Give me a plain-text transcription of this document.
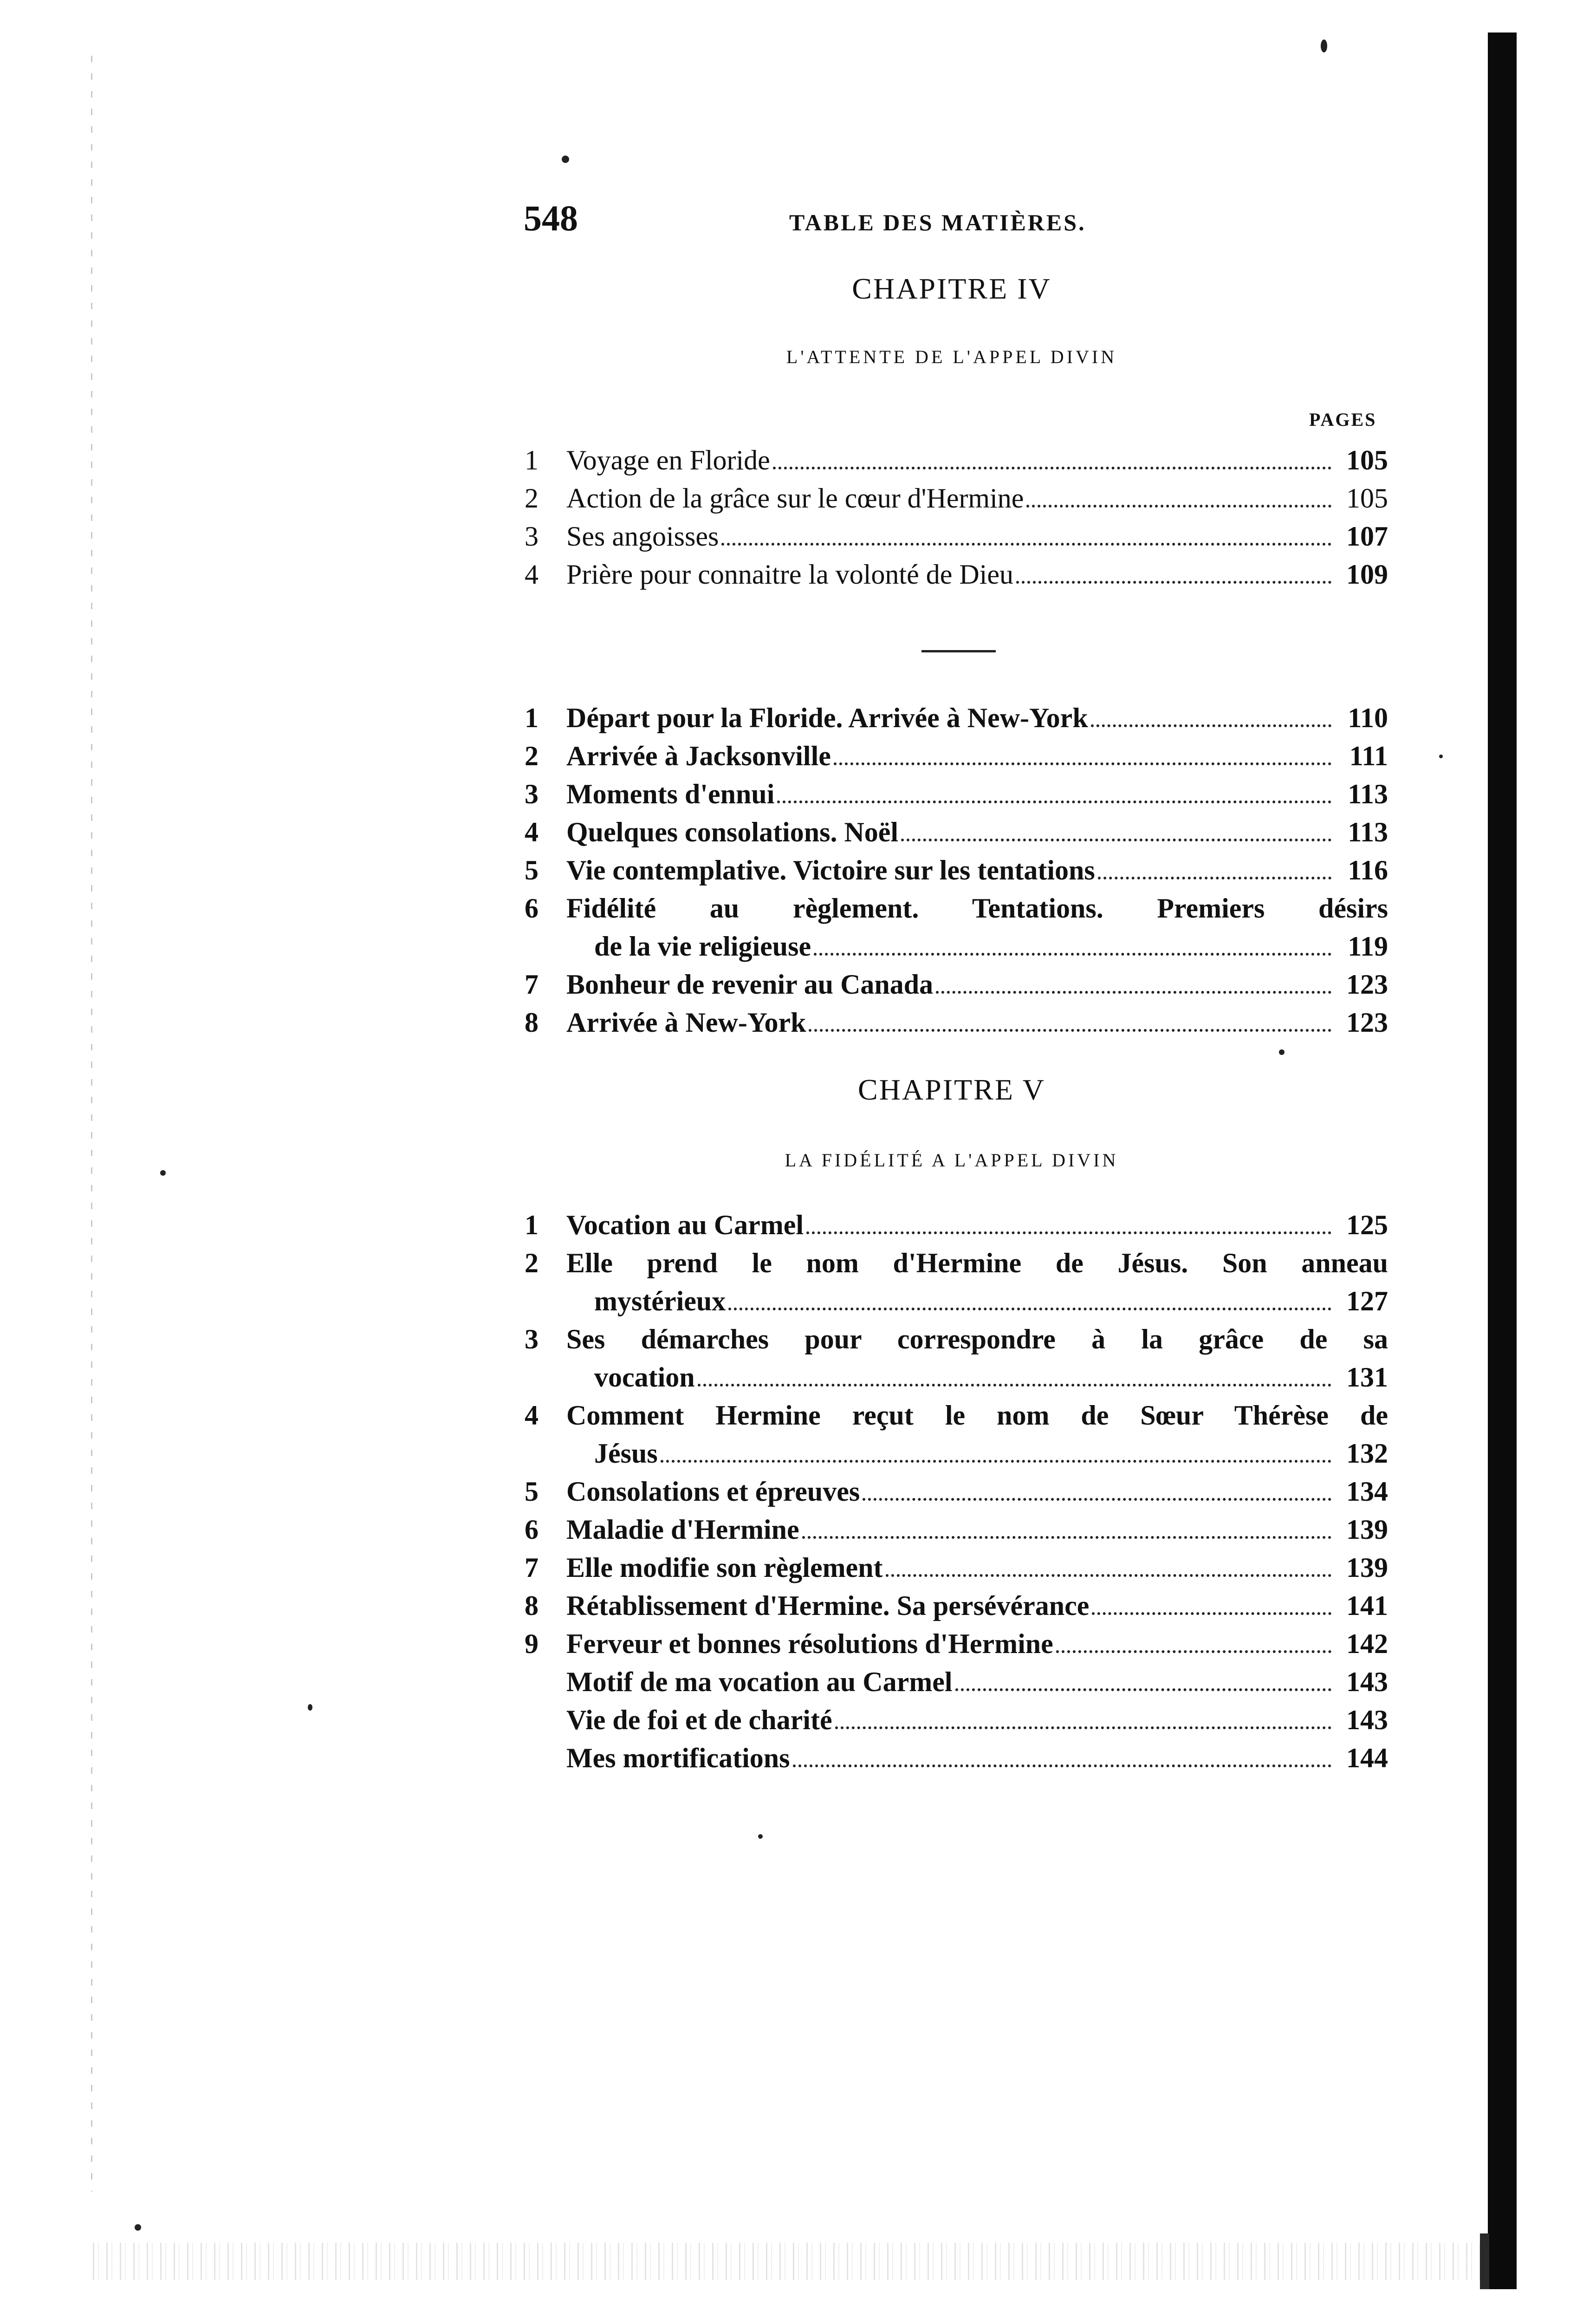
548	TABLE DES MATIÈRES.
CHAPITRE IV
L'ATTENTE DE L'APPEL DIVIN
PAGES
1	Voyage en Floride	105
2	Action de la grâce sur le cœur d'Hermine	105
3	Ses angoisses	107
4	Prière pour connaitre la volonté de Dieu	109
1	Départ pour la Floride. Arrivée à New-York	110
2	Arrivée à Jacksonville	111
3	Moments d'ennui	113
4	Quelques consolations. Noël	113
5	Vie contemplative. Victoire sur les tentations	116
6	Fidélité au règlement. Tentations. Premiers désirs
de la vie religieuse	119
7	Bonheur de revenir au Canada	123
8	Arrivée à New-York	123
CHAPITRE V
LA FIDÉLITÉ A L'APPEL DIVIN
1	Vocation au Carmel	125
2	Elle prend le nom d'Hermine de Jésus. Son anneau
mystérieux	127
3	Ses démarches pour correspondre à la grâce de sa
vocation	131
4	Comment Hermine reçut le nom de Sœur Thérèse de
Jésus	132
5	Consolations et épreuves	134
6	Maladie d'Hermine	139
7	Elle modifie son règlement	139
8	Rétablissement d'Hermine. Sa persévérance	141
9	Ferveur et bonnes résolutions d'Hermine	142
Motif de ma vocation au Carmel	143
Vie de foi et de charité	143
Mes mortifications	144
